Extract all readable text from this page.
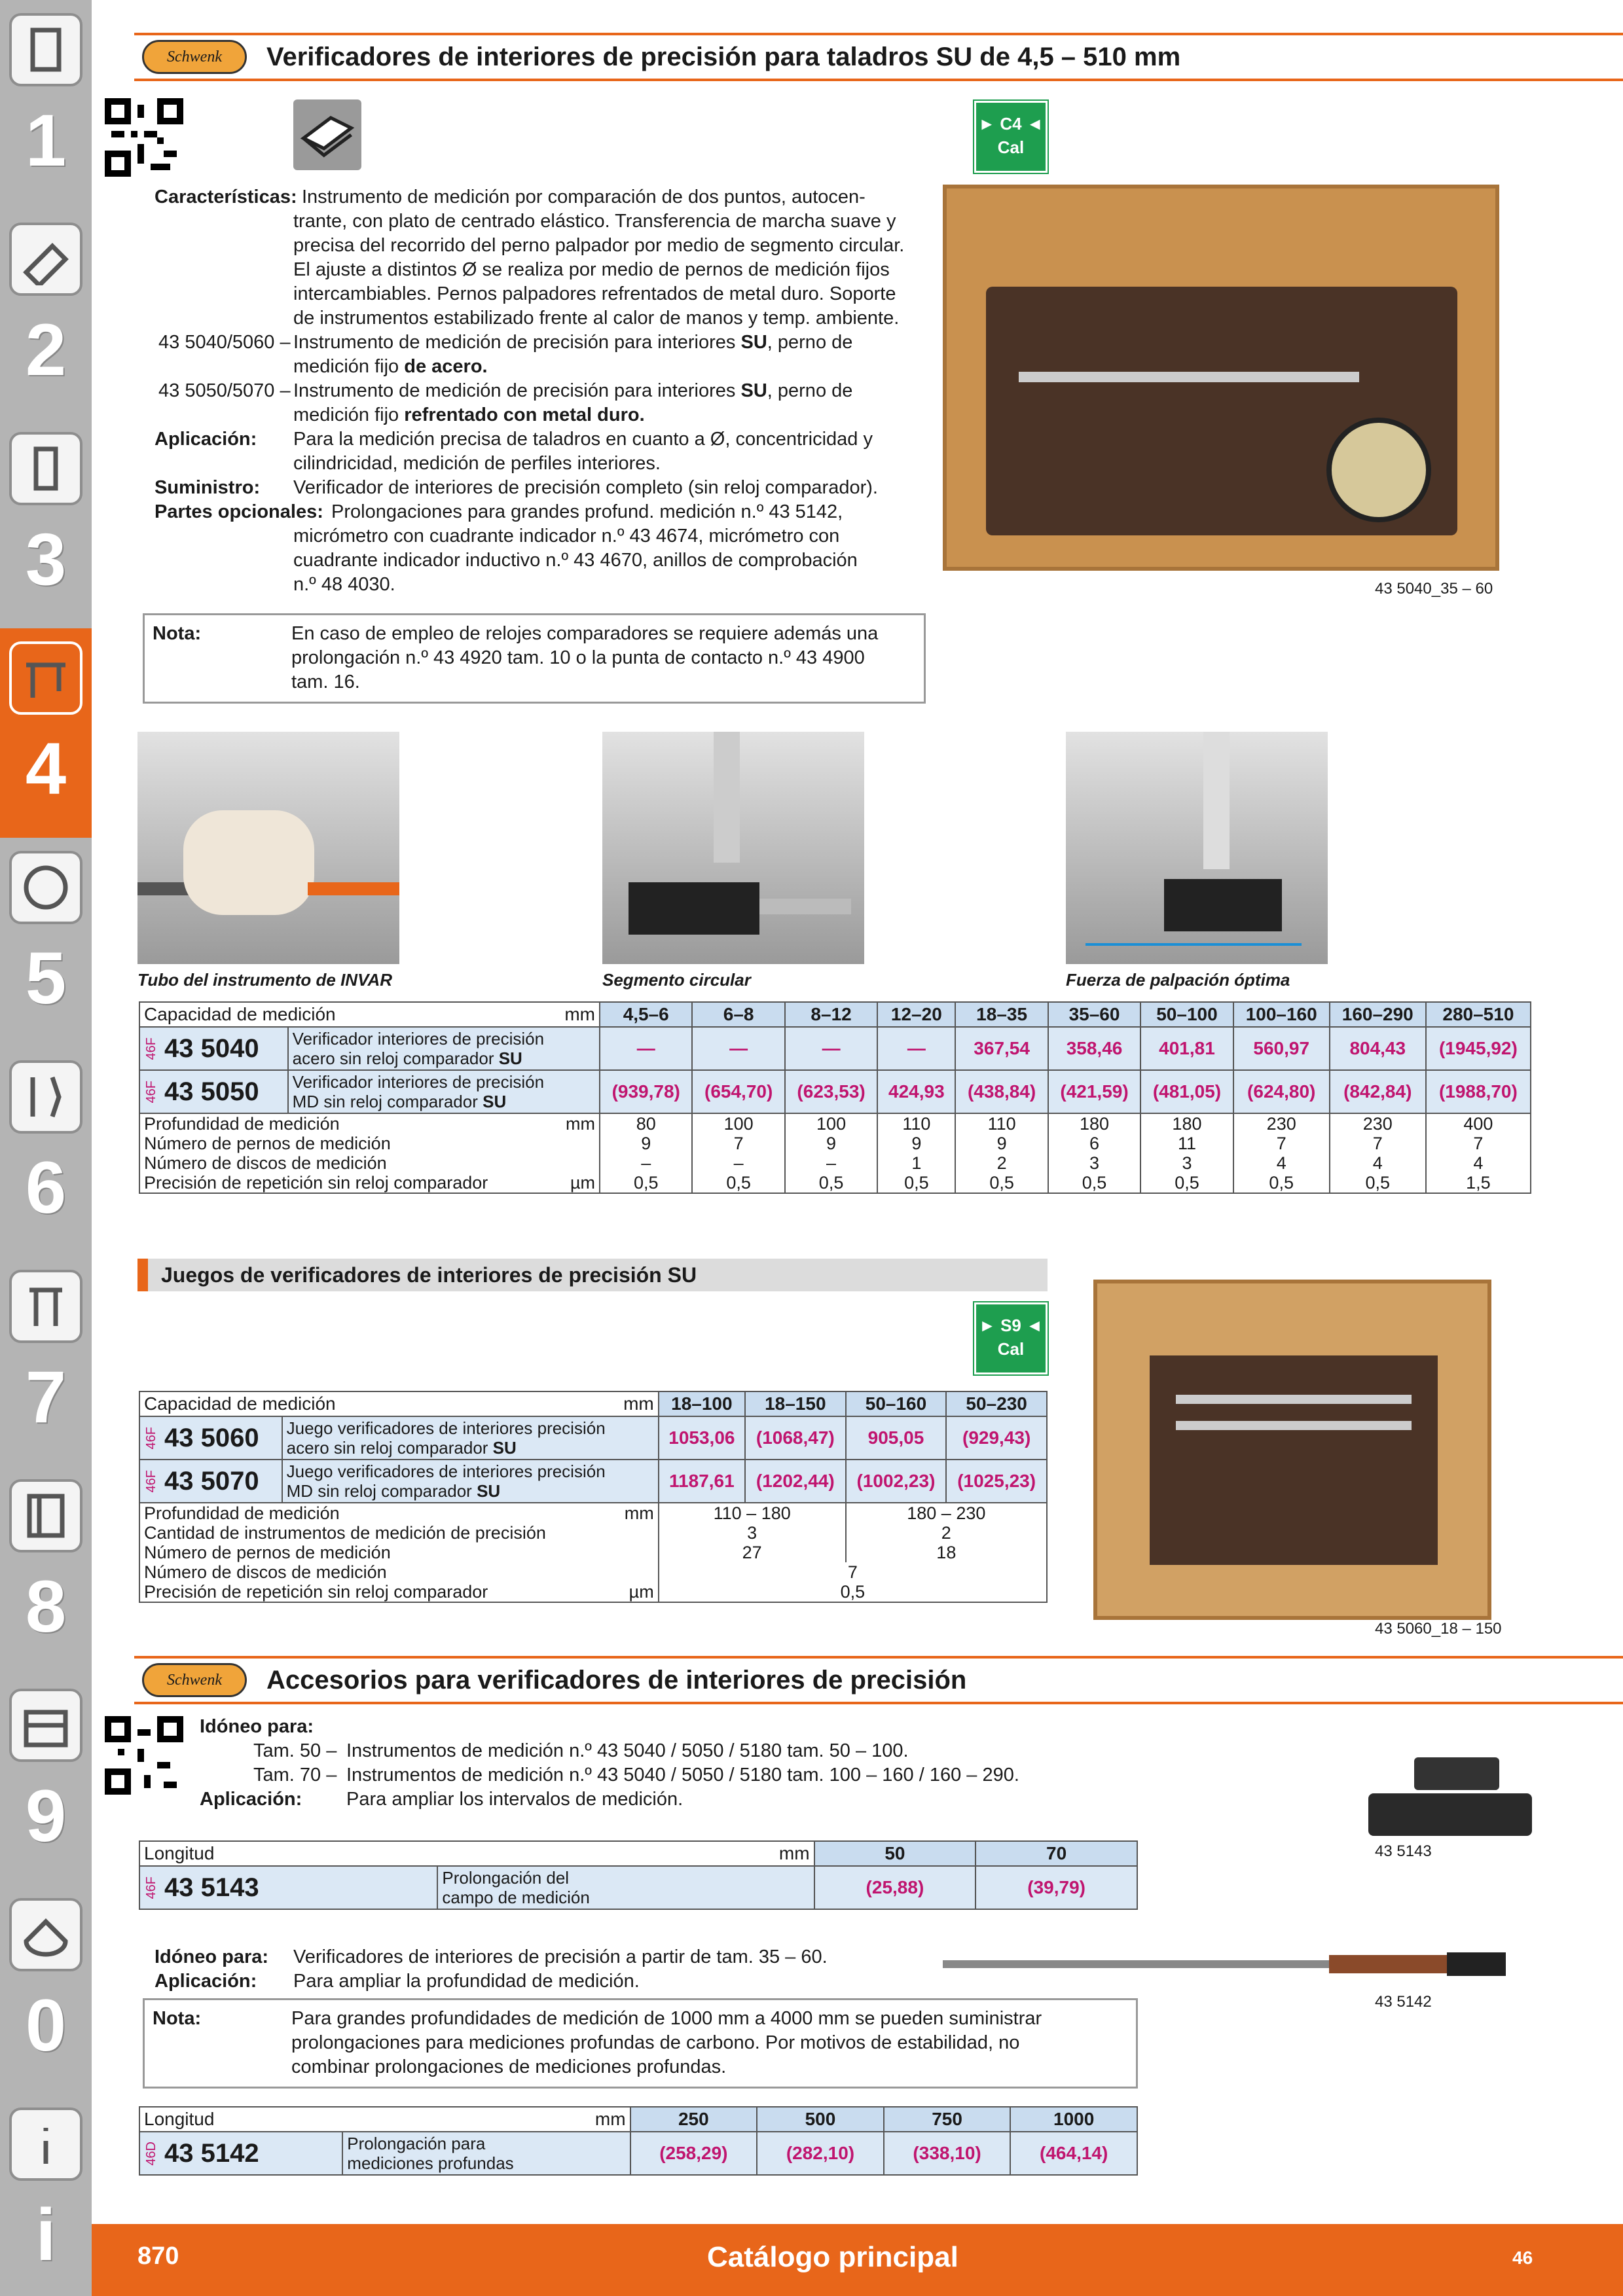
1
2
3
4
5
6
7
8
9
0
i
Schwenk	Verificadores de interiores de precisión para taladros SU de 4,5 – 510 mm
► C4 ◄
Cal
Características: Instrumento de medición por comparación de dos puntos, autocen-
trante, con plato de centrado elástico. Transferencia de marcha suave y
precisa del recorrido del perno palpador por medio de segmento circular.
El ajuste a distintos Ø se realiza por medio de pernos de medición fijos
intercambiables. Pernos palpadores refrentados de metal duro. Soporte
de instrumentos estabilizado frente al calor de manos y temp. ambiente.
43 5040/5060 – Instrumento de medición de precisión para interiores SU, perno de
medición fijo de acero.
43 5050/5070 – Instrumento de medición de precisión para interiores SU, perno de
medición fijo refrentado con metal duro.
Aplicación:	Para la medición precisa de taladros en cuanto a Ø, concentricidad y
cilindricidad, medición de perfiles interiores.
Suministro:	Verificador de interiores de precisión completo (sin reloj comparador).
Partes opcionales: Prolongaciones para grandes profund. medición n.º 43 5142,
micrómetro con cuadrante indicador n.º 43 4674, micrómetro con
cuadrante indicador inductivo n.º 43 4670, anillos de comprobación
n.º 48 4030.
Nota:	En caso de empleo de relojes comparadores se requiere además una
prolongación n.º 43 4920 tam. 10 o la punta de contacto n.º 43 4900
tam. 16.
43 5040_35 – 60
Tubo del instrumento de INVAR	Segmento circular	Fuerza de palpación óptima
Capacidad de medición mm		4,5–6	6–8	8–12	12–20	18–35	35–60	50–100	100–160	160–290	280–510
46F 43 5040	Verificador interiores de precisión
acero sin reloj comparador SU	—	—	—	—	367,54	358,46	401,81	560,97	804,43	(1945,92)
46F 43 5050	Verificador interiores de precisión
MD sin reloj comparador SU	(939,78)	(654,70)	(623,53)	424,93	(438,84)	(421,59)	(481,05)	(624,80)	(842,84)	(1988,70)
Profundidad de medición mm		80	100	100	110	110	180	180	230	230	400
Número de pernos de medición		9	7	9	9	9	6	11	7	7	7
Número de discos de medición		–	–	–	1	2	3	3	4	4	4
Precisión de repetición sin reloj comparador µm		0,5	0,5	0,5	0,5	0,5	0,5	0,5	0,5	0,5	1,5
Juegos de verificadores de interiores de precisión SU
► S9 ◄
Cal
43 5060_18 – 150
Capacidad de medición mm		18–100	18–150	50–160	50–230
46F 43 5060	Juego verificadores de interiores precisión
acero sin reloj comparador SU	1053,06	(1068,47)	905,05	(929,43)
46F 43 5070	Juego verificadores de interiores precisión
MD sin reloj comparador SU	1187,61	(1202,44)	(1002,23)	(1025,23)
Profundidad de medición mm		110 – 180		180 – 230	
Cantidad de instrumentos de medición de precisión		3		2	
Número de pernos de medición		27		18	
Número de discos de medición		7			
Precisión de repetición sin reloj comparador µm		0,5			
Schwenk	Accesorios para verificadores de interiores de precisión
Idóneo para:
Tam. 50 – Instrumentos de medición n.º 43 5040 / 5050 / 5180 tam. 50 – 100.
Tam. 70 – Instrumentos de medición n.º 43 5040 / 5050 / 5180 tam. 100 – 160 / 160 – 290.
Aplicación:	Para ampliar los intervalos de medición.
Longitud mm		50	70
46F 43 5143	Prolongación del
campo de medición	(25,88)	(39,79)
43 5143
43 5142
Idóneo para:	Verificadores de interiores de precisión a partir de tam. 35 – 60.
Aplicación:	Para ampliar la profundidad de medición.
Nota:	Para grandes profundidades de medición de 1000 mm a 4000 mm se pueden suministrar
prolongaciones para mediciones profundas de carbono. Por motivos de estabilidad, no
combinar prolongaciones de mediciones profundas.
Longitud mm		250	500	750	1000
46D 43 5142	Prolongación para
mediciones profundas	(258,29)	(282,10)	(338,10)	(464,14)
870	Catálogo principal	46
